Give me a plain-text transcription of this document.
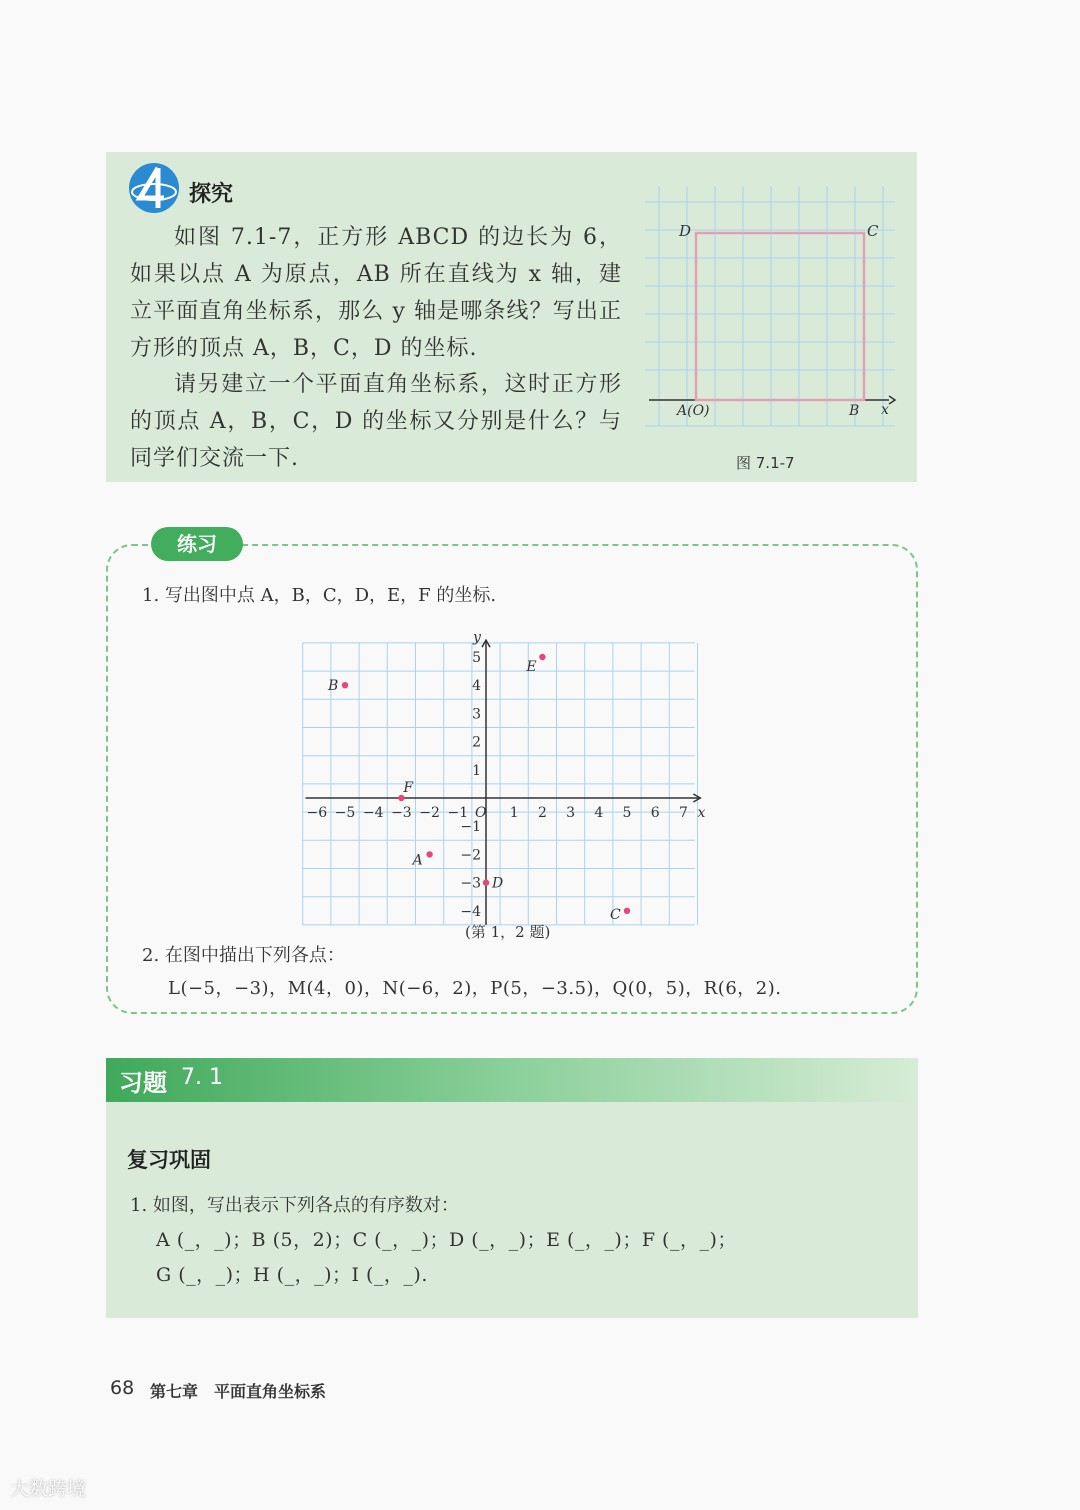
探究

如图 7.1-7，正方形 ABCD 的边长为 6，如果以点 A 为原点，AB 所在直线为 x 轴，建立平面直角坐标系，那么 y 轴是哪条线？写出正方形的顶点 A，B，C，D 的坐标.

请另建立一个平面直角坐标系，这时正方形的顶点 A，B，C，D 的坐标又分别是什么？与同学们交流一下.

D	C
A(O)	B x
图 7.1-7
练习
1. 写出图中点 A，B，C，D，E，F 的坐标.
x
y
O
−6 −5 −4 −3 −2 −1	1 2 3 4 5 6 7
5
4
3
2
1
−1
−2
−3
−4
A
B
C
D
E
F
(第 1，2 题)
2. 在图中描出下列各点：
L(−5，−3)，M(4，0)，N(−6，2)，P(5，−3.5)，Q(0，5)，R(6，2).
习题 7. 1
复习巩固
1. 如图，写出表示下列各点的有序数对：
A (_，_)；B (5，2)；C (_，_)；D (_，_)；E (_，_)；F (_，_)；
G (_，_)；H (_，_)；I (_，_).
68 第七章　平面直角坐标系
大数跨境
